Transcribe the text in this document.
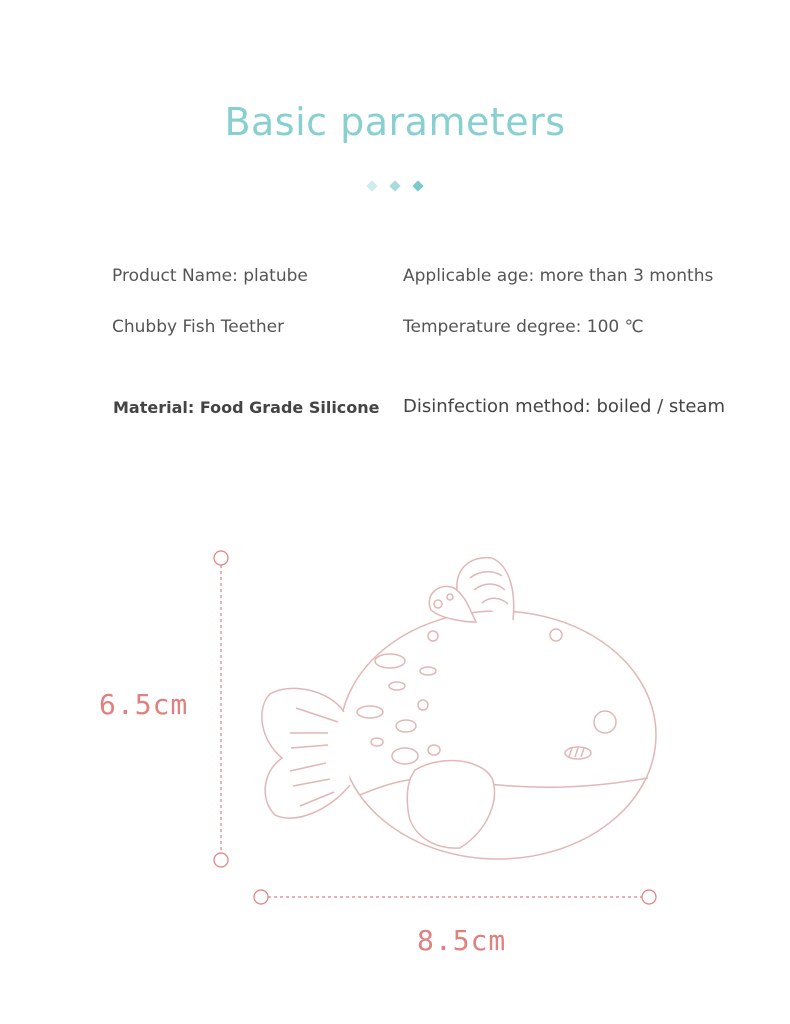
Basic parameters
Product Name: platube
Chubby Fish Teether
Applicable age: more than 3 months
Temperature degree: 100 ℃
Material: Food Grade Silicone Disinfection method: boiled / steam
6.5cm
8.5cm
